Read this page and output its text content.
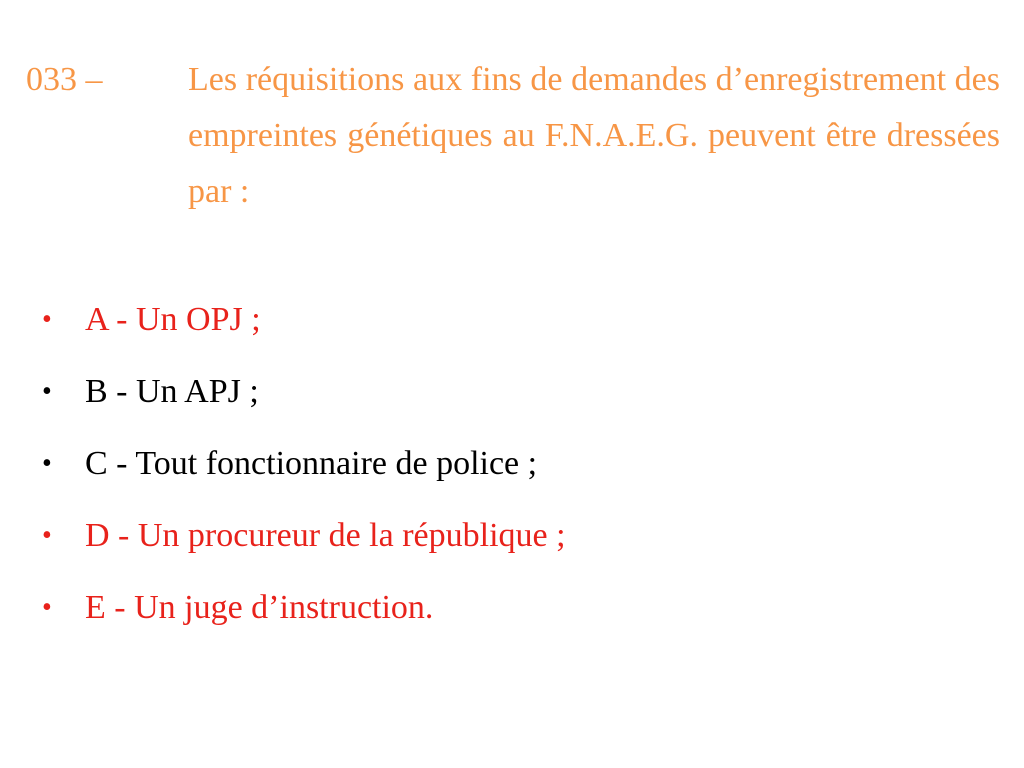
033 –	Les réquisitions aux fins de demandes d’enregistrement des empreintes génétiques au F.N.A.E.G. peuvent être dressées par :
• A - Un OPJ ;
• B - Un APJ ;
• C - Tout fonctionnaire de police ;
• D - Un procureur de la république ;
• E - Un juge d’instruction.
